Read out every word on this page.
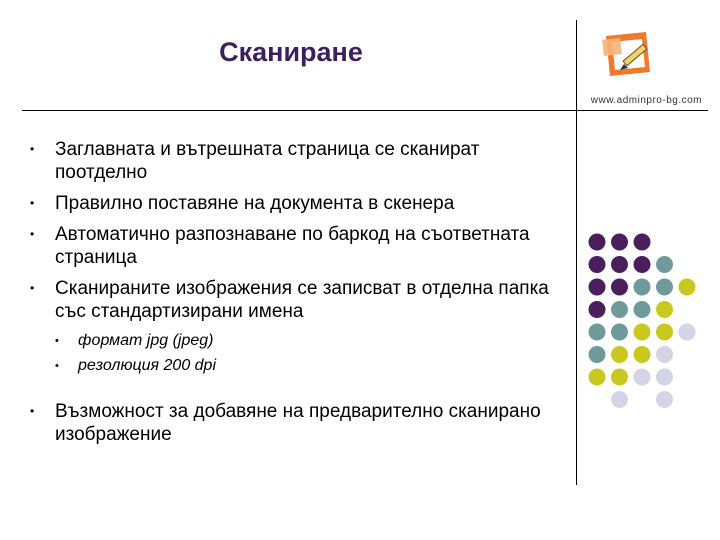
Сканиране
www.adminpro-bg.com
• Заглавната и вътрешната страница се сканират поотделно
• Правилно поставяне на документа в скенера
• Автоматично разпознаване по баркод на съответната страница
• Сканираните изображения се записват в отделна папка със стандартизирани имена
• формат jpg (jpeg)
• резолюция 200 dpi
• Възможност за добавяне на предварително сканирано изображение
